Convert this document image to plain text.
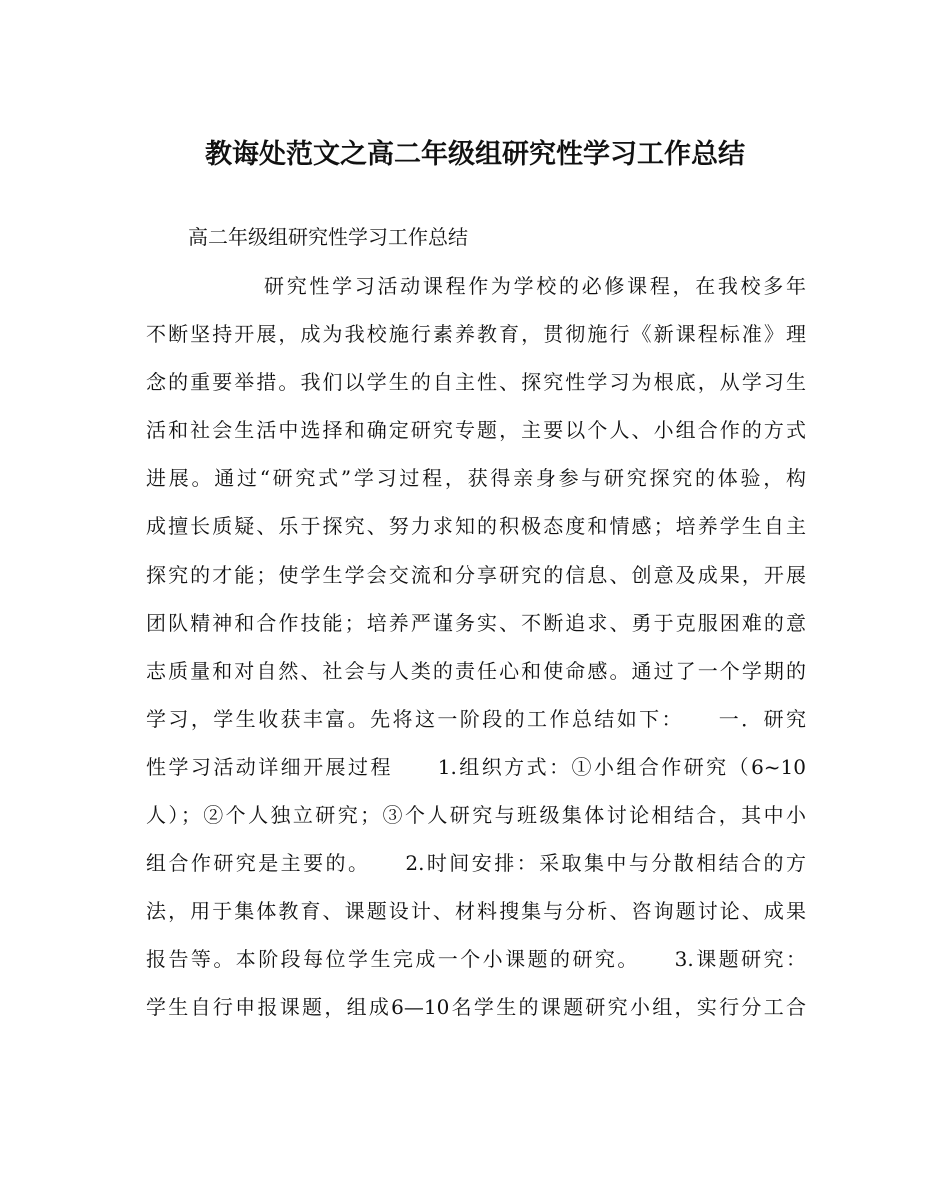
教诲处范文之高二年级组研究性学习工作总结
高二年级组研究性学习工作总结
研究性学习活动课程作为学校的必修课程，在我校多年
不断坚持开展，成为我校施行素养教育，贯彻施行《新课程标准》理
念的重要举措。我们以学生的自主性、探究性学习为根底，从学习生
活和社会生活中选择和确定研究专题，主要以个人、小组合作的方式
进展。通过“研究式”学习过程，获得亲身参与研究探究的体验，构
成擅长质疑、乐于探究、努力求知的积极态度和情感；培养学生自主
探究的才能；使学生学会交流和分享研究的信息、创意及成果，开展
团队精神和合作技能；培养严谨务实、不断追求、勇于克服困难的意
志质量和对自然、社会与人类的责任心和使命感。通过了一个学期的
学习，学生收获丰富。先将这一阶段的工作总结如下：　　一．研究
性学习活动详细开展过程　　1.组织方式：①小组合作研究（6~10
人）；②个人独立研究；③个人研究与班级集体讨论相结合，其中小
组合作研究是主要的。　　2.时间安排：采取集中与分散相结合的方
法，用于集体教育、课题设计、材料搜集与分析、咨询题讨论、成果
报告等。本阶段每位学生完成一个小课题的研究。　　3.课题研究：
学生自行申报课题，组成6—10名学生的课题研究小组，实行分工合
